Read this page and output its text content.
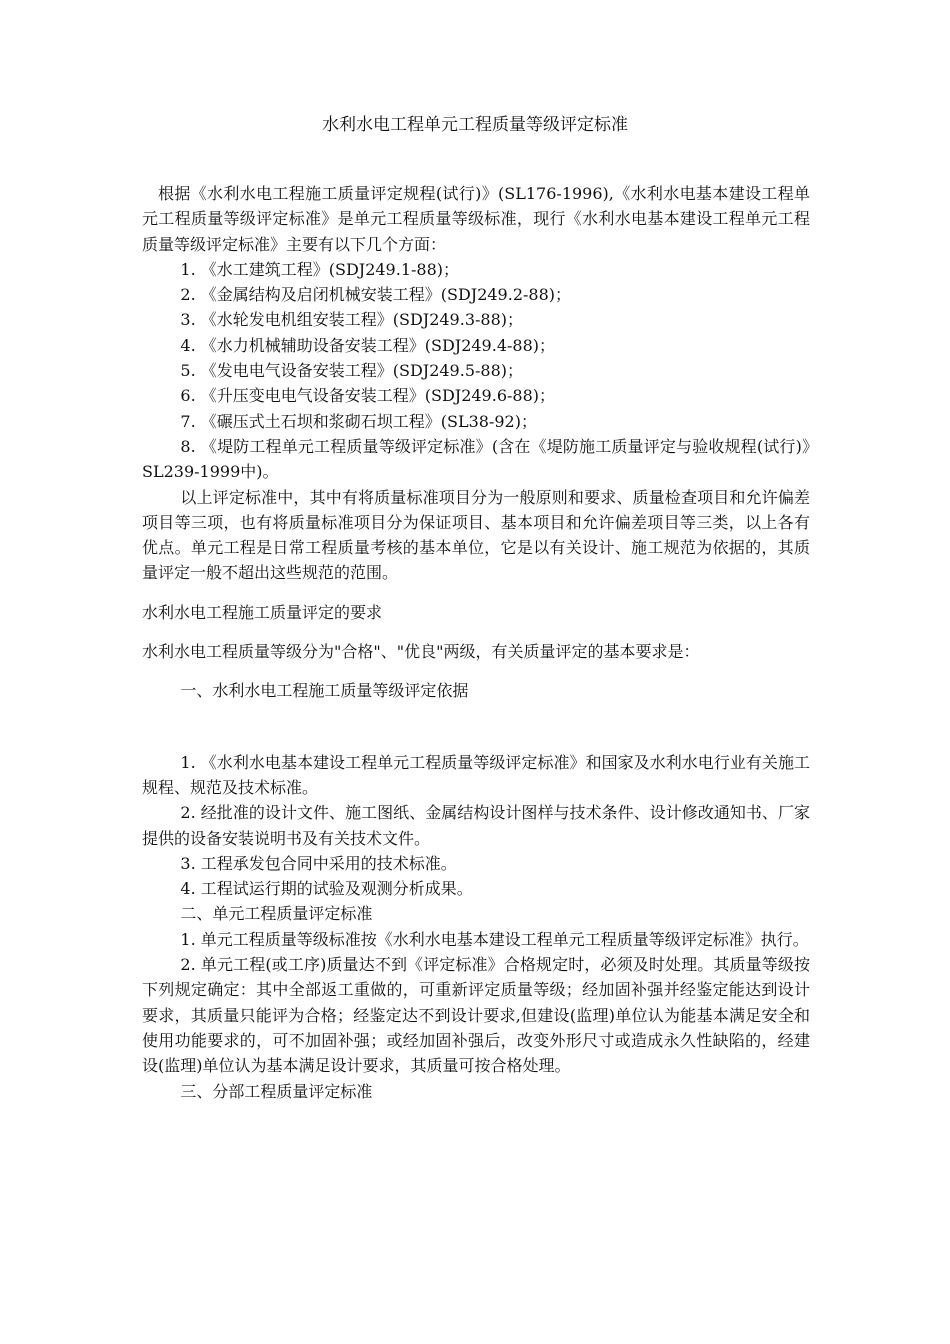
水利水电工程单元工程质量等级评定标准

根据《水利水电工程施工质量评定规程(试行)》(SL176-1996),《水利水电基本建设工程单元工程质量等级评定标准》是单元工程质量等级标准，现行《水利水电基本建设工程单元工程质量等级评定标准》主要有以下几个方面：

1. 《水工建筑工程》(SDJ249.1-88)；

2. 《金属结构及启闭机械安装工程》(SDJ249.2-88)；

3. 《水轮发电机组安装工程》(SDJ249.3-88)；

4. 《水力机械辅助设备安装工程》(SDJ249.4-88)；

5. 《发电电气设备安装工程》(SDJ249.5-88)；

6. 《升压变电电气设备安装工程》(SDJ249.6-88)；

7. 《碾压式土石坝和浆砌石坝工程》(SL38-92)；

8. 《堤防工程单元工程质量等级评定标准》(含在《堤防施工质量评定与验收规程(试行)》SL239-1999中)。

以上评定标准中，其中有将质量标准项目分为一般原则和要求、质量检查项目和允许偏差项目等三项，也有将质量标准项目分为保证项目、基本项目和允许偏差项目等三类，以上各有优点。单元工程是日常工程质量考核的基本单位，它是以有关设计、施工规范为依据的，其质量评定一般不超出这些规范的范围。

水利水电工程施工质量评定的要求

水利水电工程质量等级分为"合格"、"优良"两级，有关质量评定的基本要求是：

一、水利水电工程施工质量等级评定依据

1. 《水利水电基本建设工程单元工程质量等级评定标准》和国家及水利水电行业有关施工规程、规范及技术标准。

2. 经批准的设计文件、施工图纸、金属结构设计图样与技术条件、设计修改通知书、厂家提供的设备安装说明书及有关技术文件。

3. 工程承发包合同中采用的技术标准。

4. 工程试运行期的试验及观测分析成果。

二、单元工程质量评定标准

1. 单元工程质量等级标准按《水利水电基本建设工程单元工程质量等级评定标准》执行。

2. 单元工程(或工序)质量达不到《评定标准》合格规定时，必须及时处理。其质量等级按下列规定确定：其中全部返工重做的，可重新评定质量等级；经加固补强并经鉴定能达到设计要求，其质量只能评为合格；经鉴定达不到设计要求,但建设(监理)单位认为能基本满足安全和使用功能要求的，可不加固补强；或经加固补强后，改变外形尺寸或造成永久性缺陷的，经建设(监理)单位认为基本满足设计要求，其质量可按合格处理。

三、分部工程质量评定标准
